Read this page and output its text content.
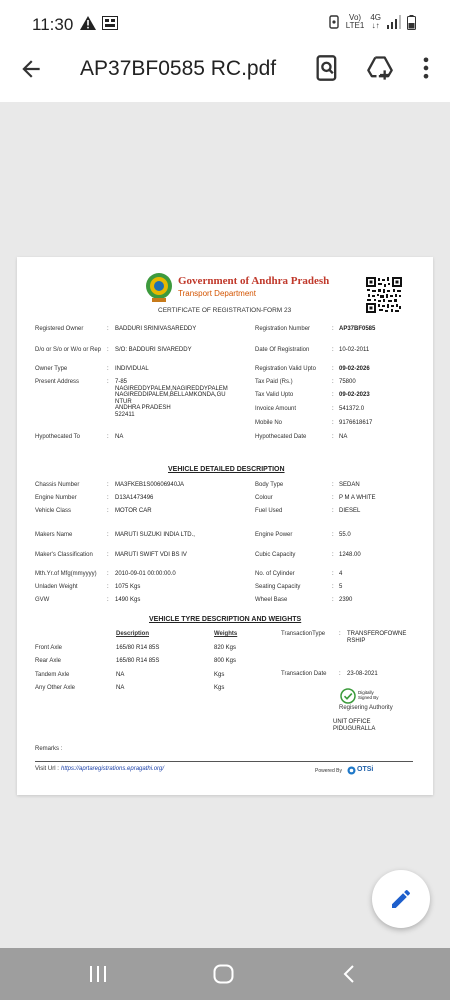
11:30	Vo)
LTE1
4G
↓↑
AP37BF0585 RC.pdf
Government of Andhra Pradesh
Transport Department
CERTIFICATE OF REGISTRATION-FORM 23
Registered Owner	: BADDURI SRINIVASAREDDY
D/o or S/o or W/o or Rep : S/O: BADDURI SIVAREDDY
Owner Type	: INDIVIDUAL
Present Address	: 7-85
NAGIREDDYPALEM,NAGIREDDYPALEM
NAGIREDDIPALEM,BELLAMKONDA,GU
NTUR
ANDHRA PRADESH
522411
Hypothecated To	: NA
Registration Number	: AP37BF0585
Date Of Registration	: 10-02-2011
Registration Valid Upto	: 09-02-2026
Tax Paid (Rs.)	: 75800
Tax Valid Upto	: 09-02-2023
Invoice Amount	: 541372.0
Mobile No	: 9176618617
Hypothecated Date	: NA
VEHICLE DETAILED DESCRIPTION
Chassis Number	: MA3FKEB1S00606940JA
Engine Number	: D13A1473496
Vehicle Class	: MOTOR CAR
Makers Name	: MARUTI SUZUKI INDIA LTD.,
Maker's Classification	: MARUTI SWIFT VDI BS IV
Mth.Yr.of Mfg(mmyyyy) : 2010-09-01 00:00:00.0
Unladen Weight	: 1075 Kgs
GVW	: 1490 Kgs
Body Type	: SEDAN
Colour	: P M A WHITE
Fuel Used	: DIESEL
Engine Power	: 55.0
Cubic Capacity	: 1248.00
No. of Cylinder	: 4
Seating Capacity	: 5
Wheel Base	: 2390
VEHICLE TYRE DESCRIPTION AND WEIGHTS
Description	Weights
Front Axle	165/80 R14 85S	820 Kgs
Rear Axle	165/80 R14 85S	800 Kgs
Tandem Axle	NA	Kgs
Any Other Axle	NA	Kgs
TransactionType : TRANSFEROFOWNE
RSHIP
Transaction Date : 23-08-2021
Digitally
Signed By
Regisering Authority
UNIT OFFICE
PIDUGURALLA
Remarks :
Visit Url : https://aprtaregistrations.epragathi.org/	Powered By OTSi
